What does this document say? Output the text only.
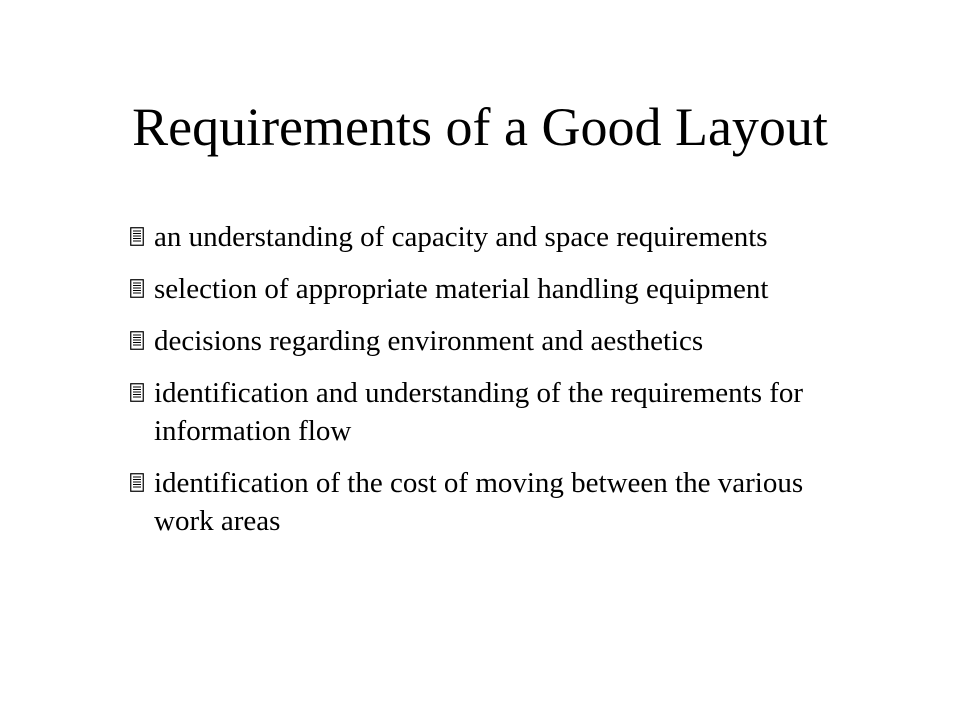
Requirements of a Good Layout
an understanding of capacity and space requirements
selection of appropriate material handling equipment
decisions regarding environment and aesthetics
identification and understanding of the requirements for information flow
identification of the cost of moving between the various work areas
